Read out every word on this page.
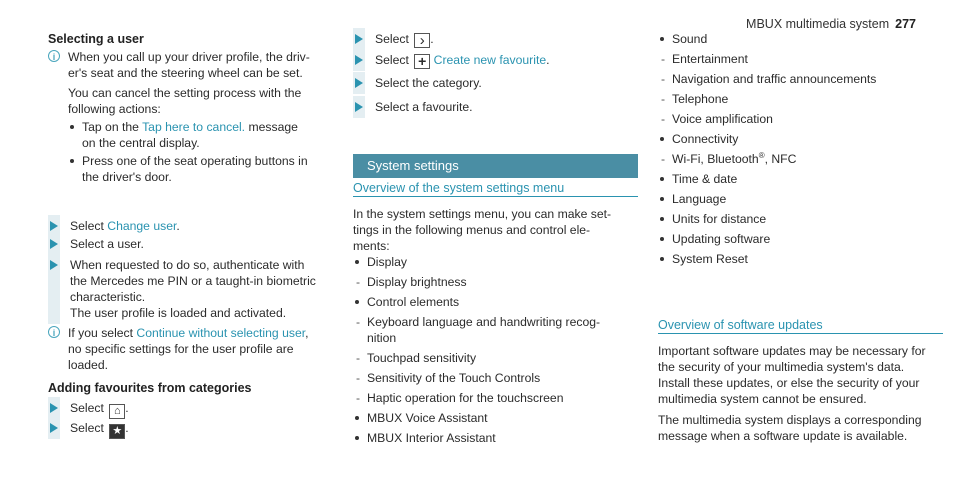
MBUX multimedia system 277
Selecting a user
i	When you call up your driver profile, the driv-
er's seat and the steering wheel can be set.
You can cancel the setting process with the
following actions:
Tap on the Tap here to cancel. message
on the central display.
Press one of the seat operating buttons in
the driver's door.
Select Change user.
Select a user.
When requested to do so, authenticate with
the Mercedes me PIN or a taught-in biometric
characteristic.
The user profile is loaded and activated.
i	If you select Continue without selecting user,
no specific settings for the user profile are
loaded.
Adding favourites from categories
Select ⌂ .
Select ★ .
Select › .
Select + Create new favourite.
Select the category.
Select a favourite.
System settings
Overview of the system settings menu
In the system settings menu, you can make set-
tings in the following menus and control ele-
ments:
Display
- Display brightness
Control elements
- Keyboard language and handwriting recog-
nition
- Touchpad sensitivity
- Sensitivity of the Touch Controls
- Haptic operation for the touchscreen
MBUX Voice Assistant
MBUX Interior Assistant
Sound
- Entertainment
- Navigation and traffic announcements
- Telephone
- Voice amplification
Connectivity
- Wi-Fi, Bluetooth®, NFC
Time & date
Language
Units for distance
Updating software
System Reset
Overview of software updates
Important software updates may be necessary for
the security of your multimedia system's data.
Install these updates, or else the security of your
multimedia system cannot be ensured.
The multimedia system displays a corresponding
message when a software update is available.
